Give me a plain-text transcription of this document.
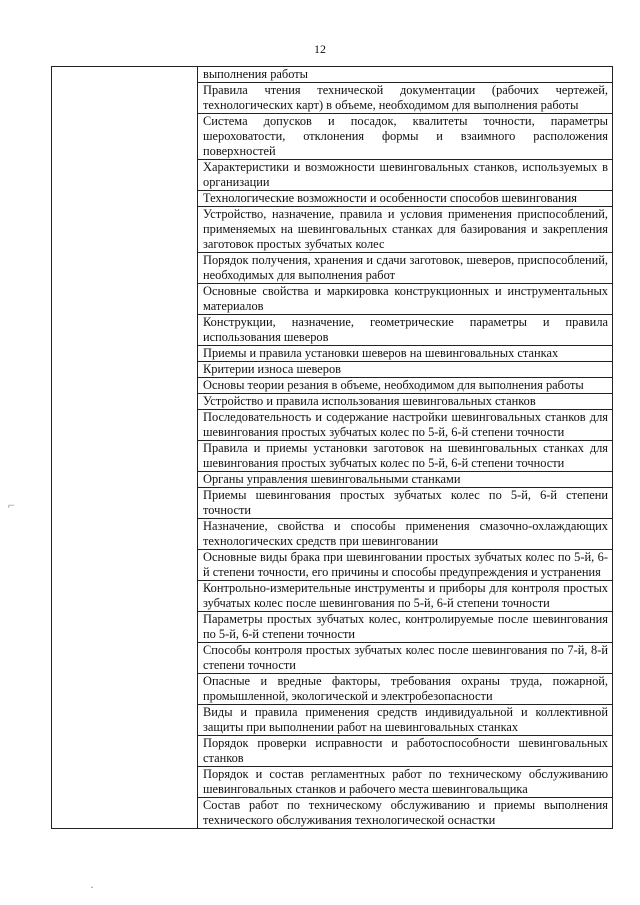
12
	выполнения работы
Правила чтения технической документации (рабочих чертежей, технологических карт) в объеме, необходимом для выполнения работы
Система допусков и посадок, квалитеты точности, параметры шероховатости, отклонения формы и взаимного расположения поверхностей
Характеристики и возможности шевинговальных станков, используемых в организации
Технологические возможности и особенности способов шевингования
Устройство, назначение, правила и условия применения приспособлений, применяемых на шевинговальных станках для базирования и закрепления заготовок простых зубчатых колес
Порядок получения, хранения и сдачи заготовок, шеверов, приспособлений, необходимых для выполнения работ
Основные свойства и маркировка конструкционных и инструментальных материалов
Конструкции, назначение, геометрические параметры и правила использования шеверов
Приемы и правила установки шеверов на шевинговальных станках
Критерии износа шеверов
Основы теории резания в объеме, необходимом для выполнения работы
Устройство и правила использования шевинговальных станков
Последовательность и содержание настройки шевинговальных станков для шевингования простых зубчатых колес по 5-й, 6-й степени точности
Правила и приемы установки заготовок на шевинговальных станках для шевингования простых зубчатых колес по 5-й, 6-й степени точности
Органы управления шевинговальными станками
Приемы шевингования простых зубчатых колес по 5-й, 6-й степени точности
Назначение, свойства и способы применения смазочно-охлаждающих технологических средств при шевинговании
Основные виды брака при шевинговании простых зубчатых колес по 5-й, 6-й степени точности, его причины и способы предупреждения и устранения
Контрольно-измерительные инструменты и приборы для контроля простых зубчатых колес после шевингования по 5-й, 6-й степени точности
Параметры простых зубчатых колес, контролируемые после шевингования по 5-й, 6-й степени точности
Способы контроля простых зубчатых колес после шевингования по 7-й, 8-й степени точности
Опасные и вредные факторы, требования охраны труда, пожарной, промышленной, экологической и электробезопасности
Виды и правила применения средств индивидуальной и коллективной защиты при выполнении работ на шевинговальных станках
Порядок проверки исправности и работоспособности шевинговальных станков
Порядок и состав регламентных работ по техническому обслуживанию шевинговальных станков и рабочего места шевинговальщика
Состав работ по техническому обслуживанию и приемы выполнения технического обслуживания технологической оснастки
⌐
·
